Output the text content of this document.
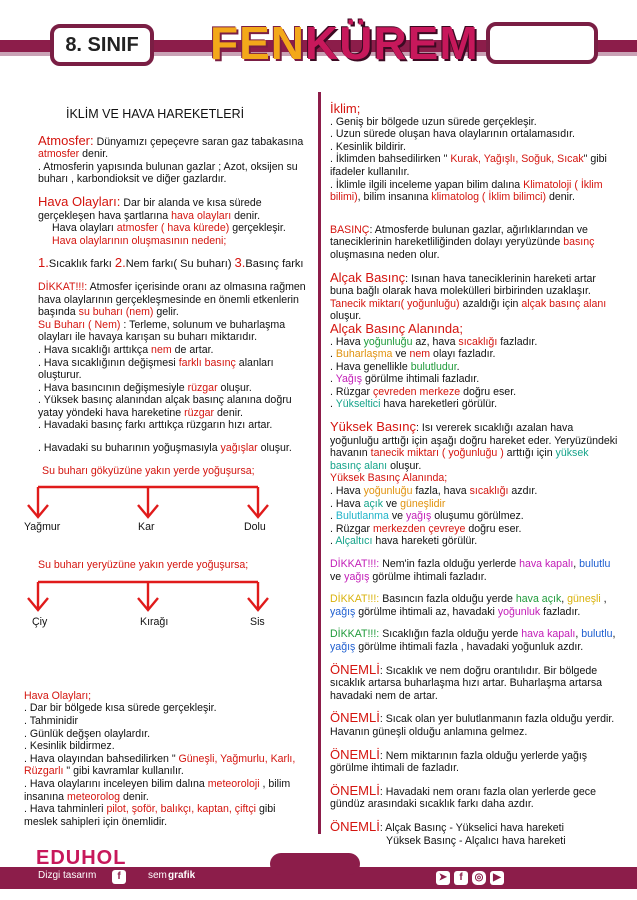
8. SINIF FEN KÜREM

İKLİM VE HAVA HAREKETLERİ

Atmosfer: Dünyamızı çepeçevre saran gaz tabakasına atmosfer denir.

. Atmosferin yapısında bulunan gazlar ; Azot, oksijen su buharı , karbondioksit ve diğer gazlardır.

Hava Olayları: Dar bir alanda ve kısa sürede gerçekleşen hava şartlarına hava olayları denir.

Hava olayları atmosfer ( hava kürede) gerçekleşir.

Hava olaylarının oluşmasının nedeni;

1.Sıcaklık farkı 2.Nem farkı( Su buharı) 3.Basınç farkı

DİKKAT!!!: Atmosfer içerisinde oranı az olmasına rağmen hava olaylarının gerçekleşmesinde en önemli etkenlerin başında su buharı (nem) gelir.

Su Buharı ( Nem) : Terleme, solunum ve buharlaşma olayları ile havaya karışan su buharı miktarıdır.

. Hava sıcaklığı arttıkça nem de artar.

. Hava sıcaklığının değişmesi farklı basınç alanları oluşturur.

. Hava basıncının değişmesiyle rüzgar oluşur.

. Yüksek basınç alanından alçak basınç alanına doğru yatay yöndeki hava hareketine rüzgar denir.

. Havadaki basınç farkı arttıkça rüzgarın hızı artar.

. Havadaki su buharının yoğuşmasıyla yağışlar oluşur.

Su buharı gökyüzüne yakın yerde yoğuşursa;

Yağmur	Kar	Dolu

Su buharı yeryüzüne yakın yerde yoğuşursa;

Çiy	Kırağı	Sis

Hava Olayları;

. Dar bir bölgede kısa sürede gerçekleşir.

. Tahminidir

. Günlük değşen olaylardır.

. Kesinlik bildirmez.

. Hava olayından bahsedilirken " Güneşli, Yağmurlu, Karlı, Rüzgarlı " gibi kavramlar kullanılır.

. Hava olaylarını inceleyen bilim dalına meteoroloji , bilim insanına meteorolog denir.

. Hava tahminleri pilot, şoför, balıkçı, kaptan, çiftçi gibi meslek sahipleri için önemlidir.

İklim;

. Geniş bir bölgede uzun sürede gerçekleşir.

. Uzun sürede oluşan hava olaylarının ortalamasıdır.

. Kesinlik bildirir.

. İklimden bahsedilirken " Kurak, Yağışlı, Soğuk, Sıcak" gibi ifadeler kullanılır.

. İklimle ilgili inceleme yapan bilim dalına Klimatoloji ( İklim bilimi), bilim insanına klimatolog ( İklim bilimci) denir.

BASINÇ: Atmosferde bulunan gazlar, ağırlıklarından ve taneciklerinin hareketliliğinden dolayı yeryüzünde basınç oluşmasına neden olur.

Alçak Basınç: Isınan hava taneciklerinin hareketi artar buna bağlı olarak hava molekülleri birbirinden uzaklaşır. Tanecik miktarı( yoğunluğu) azaldığı için alçak basınç alanı oluşur.

Alçak Basınç Alanında;

. Hava yoğunluğu az, hava sıcaklığı fazladır.

. Buharlaşma ve nem olayı fazladır.

. Hava genellikle bulutludur.

. Yağış görülme ihtimali fazladır.

. Rüzgar çevreden merkeze doğru eser.

. Yükseltici hava hareketleri görülür.

Yüksek Basınç: Isı vererek sıcaklığı azalan hava yoğunluğu arttığı için aşağı doğru hareket eder. Yeryüzündeki havanın tanecik miktarı ( yoğunluğu ) arttığı için yüksek basınç alanı oluşur.

Yüksek Basınç Alanında;

. Hava yoğunluğu fazla, hava sıcaklığı azdır.

. Hava açık ve güneşlidir

. Bulutlanma ve yağış oluşumu görülmez.

. Rüzgar merkezden çevreye doğru eser.

. Alçaltıcı hava hareketi görülür.

DİKKAT!!!: Nem'in fazla olduğu yerlerde hava kapalı, bulutlu ve yağış görülme ihtimali fazladır.

DİKKAT!!!: Basıncın fazla olduğu yerde hava açık, güneşli , yağış görülme ihtimali az, havadaki yoğunluk fazladır.

DİKKAT!!!: Sıcaklığın fazla olduğu yerde hava kapalı, bulutlu, yağış görülme ihtimali fazla , havadaki yoğunluk azdır.

ÖNEMLİ: Sıcaklık ve nem doğru orantılıdır. Bir bölgede sıcaklık artarsa buharlaşma hızı artar. Buharlaşma artarsa havadaki nem de artar.

ÖNEMLİ: Sıcak olan yer bulutlanmanın fazla olduğu yerdir. Havanın güneşli olduğu anlamına gelmez.

ÖNEMLİ: Nem miktarının fazla olduğu yerlerde yağış görülme ihtimali de fazladır.

ÖNEMLİ: Havadaki nem oranı fazla olan yerlerde gece gündüz arasındaki sıcaklık farkı daha azdır.

ÖNEMLİ: Alçak Basınç - Yükselici hava hareketi

Yüksek Basınç - Alçalıcı hava hareketi

EDUHOL
Dizgi tasarım	f	sem grafik	➤	f	◎ ▶
